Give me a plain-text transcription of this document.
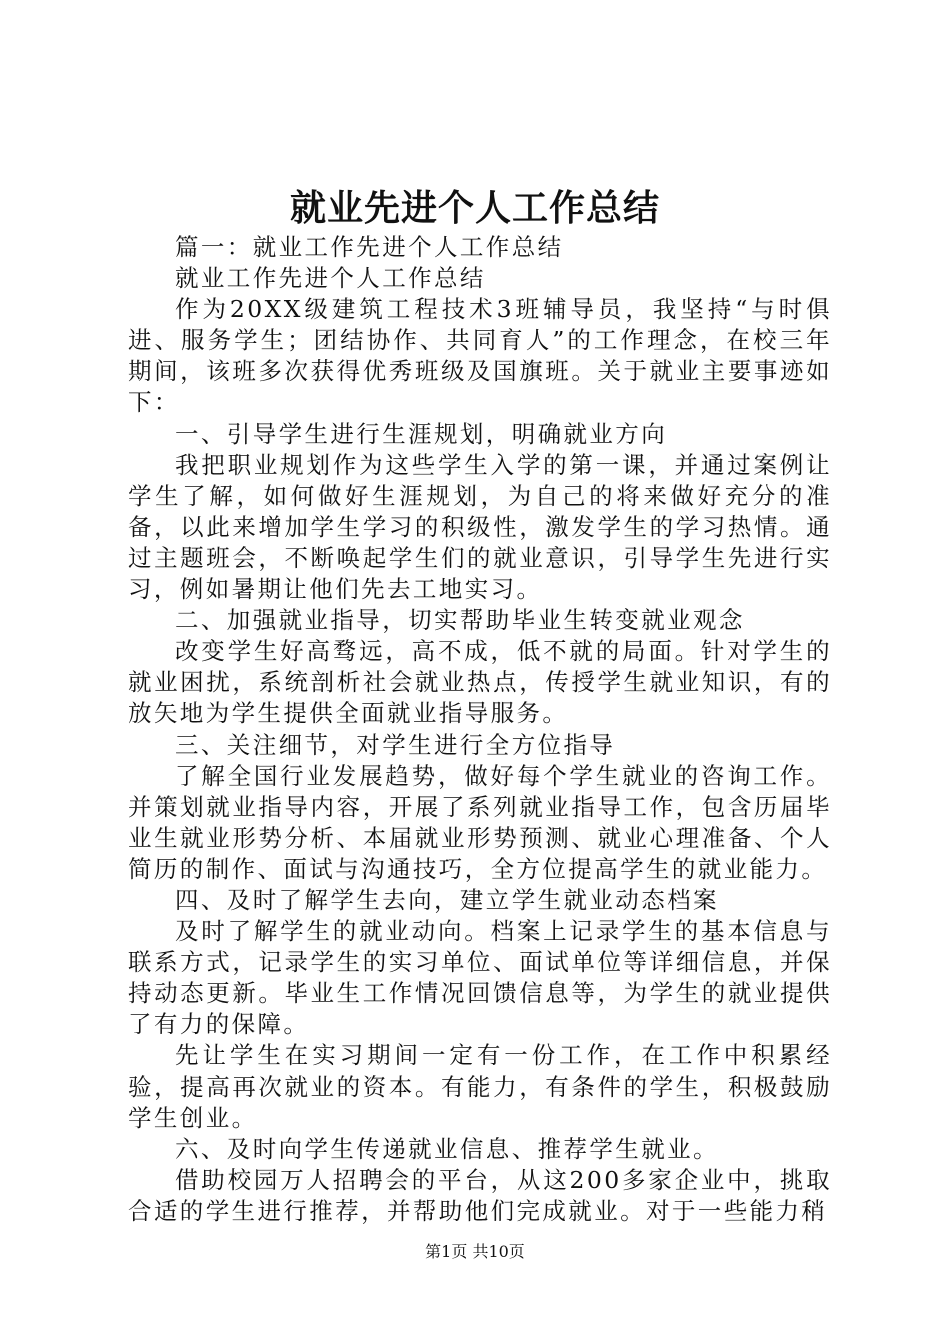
就业先进个人工作总结

篇一：就业工作先进个人工作总结

就业工作先进个人工作总结

作为20XX级建筑工程技术3班辅导员，我坚持“与时俱进、服务学生；团结协作、共同育人”的工作理念，在校三年期间，该班多次获得优秀班级及国旗班。关于就业主要事迹如下：

一、引导学生进行生涯规划，明确就业方向

我把职业规划作为这些学生入学的第一课，并通过案例让学生了解，如何做好生涯规划，为自己的将来做好充分的准备，以此来增加学生学习的积级性，激发学生的学习热情。通过主题班会，不断唤起学生们的就业意识，引导学生先进行实习，例如暑期让他们先去工地实习。

二、加强就业指导，切实帮助毕业生转变就业观念

改变学生好高骛远，高不成，低不就的局面。针对学生的就业困扰，系统剖析社会就业热点，传授学生就业知识，有的放矢地为学生提供全面就业指导服务。

三、关注细节，对学生进行全方位指导

了解全国行业发展趋势，做好每个学生就业的咨询工作。并策划就业指导内容，开展了系列就业指导工作，包含历届毕业生就业形势分析、本届就业形势预测、就业心理准备、个人简历的制作、面试与沟通技巧，全方位提高学生的就业能力。

四、及时了解学生去向，建立学生就业动态档案

及时了解学生的就业动向。档案上记录学生的基本信息与联系方式，记录学生的实习单位、面试单位等详细信息，并保持动态更新。毕业生工作情况回馈信息等，为学生的就业提供了有力的保障。

先让学生在实习期间一定有一份工作，在工作中积累经验，提高再次就业的资本。有能力，有条件的学生，积极鼓励学生创业。

六、及时向学生传递就业信息、推荐学生就业。

借助校园万人招聘会的平台，从这200多家企业中，挑取合适的学生进行推荐，并帮助他们完成就业。对于一些能力稍

第1页 共10页
